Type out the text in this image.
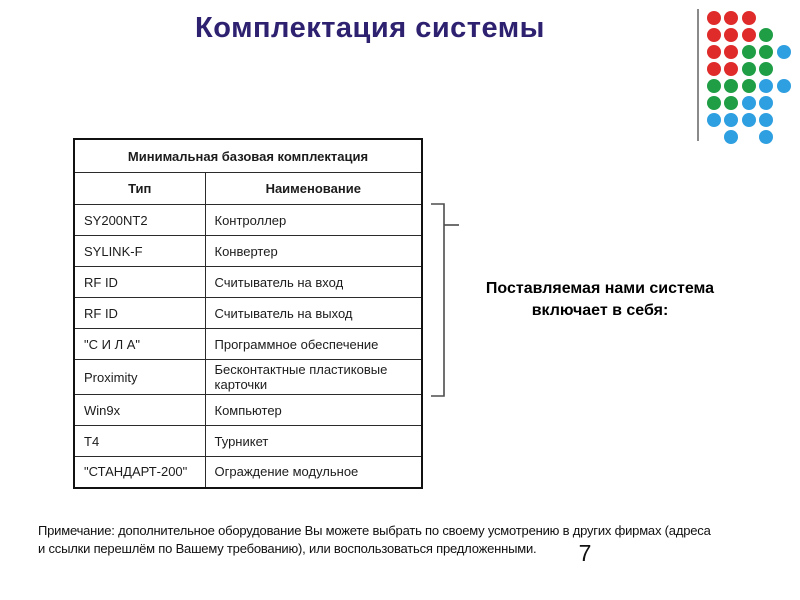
Комплектация системы
Минимальная базовая комплектация	
Тип	Наименование
SY200NT2	Контроллер
SYLINK-F	Конвертер
RF ID	Считыватель на вход
RF ID	Считыватель на выход
"С И Л А"	Программное обеспечение
Proximity	Бесконтактные пластиковые карточки
Win9x	Компьютер
T4	Турникет
"СТАНДАРТ-200"	Ограждение модульное
Поставляемая нами система
включает в себя:

Примечание: дополнительное оборудование Вы можете выбрать по своему усмотрению в других фирмах (адреса и ссылки перешлём по Вашему требованию), или воспользоваться предложенными.	7
